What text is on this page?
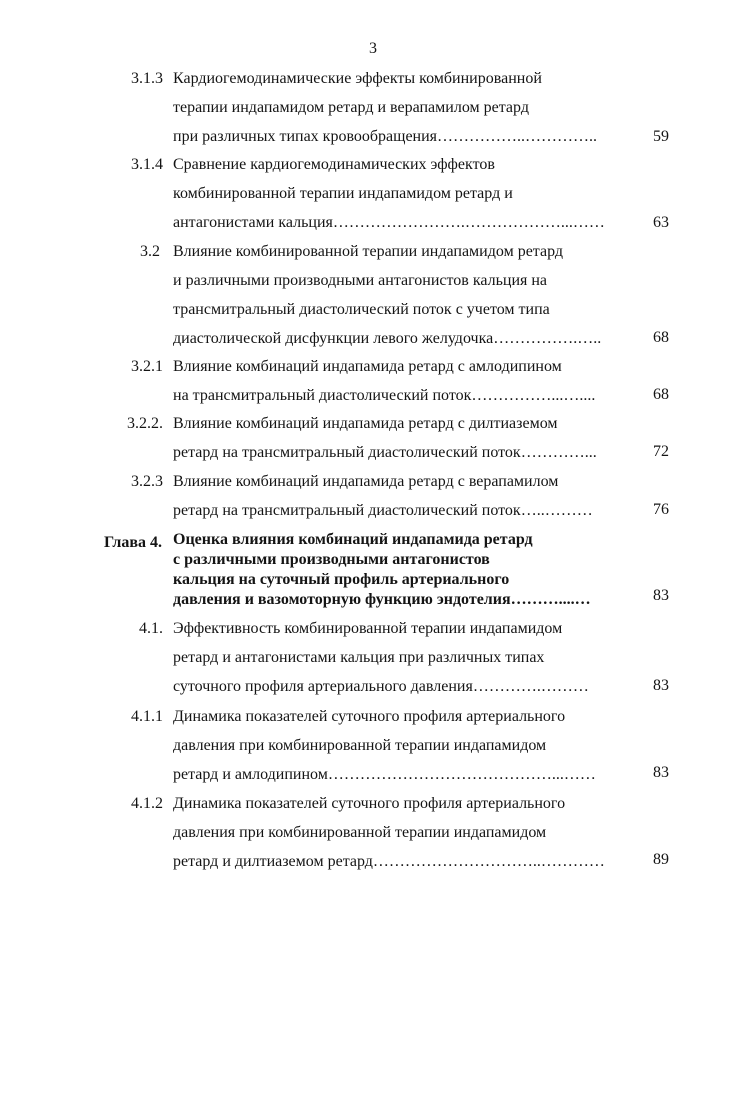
3
3.1.3 Кардиогемодинамические эффекты комбинированной
терапии индапамидом ретард и верапамилом ретард
при различных типах кровообращения……………..…………..	59
3.1.4 Сравнение кардиогемодинамических эффектов
комбинированной терапии индапамидом ретард и
антагонистами кальция…………………….………………...……	63
3.2 Влияние комбинированной терапии индапамидом ретард
и различными производными антагонистов кальция на
трансмитральный диастолический поток с учетом типа
диастолической дисфункции левого желудочка…………….…..	68
3.2.1 Влияние комбинаций индапамида ретард с амлодипином
на трансмитральный диастолический поток……………...…....	68
3.2.2. Влияние комбинаций индапамида ретард с дилтиаземом
ретард на трансмитральный диастолический поток…………...	72
3.2.3 Влияние комбинаций индапамида ретард с верапамилом
ретард на трансмитральный диастолический поток…..………	76
Глава 4. Оценка влияния комбинаций индапамида ретард
с различными производными антагонистов
кальция на суточный профиль артериального
давления и вазомоторную функцию эндотелия………....…	83
4.1. Эффективность комбинированной терапии индапамидом
ретард и антагонистами кальция при различных типах
суточного профиля артериального давления………….………	83
4.1.1 Динамика показателей суточного профиля артериального
давления при комбинированной терапии индапамидом
ретард и амлодипином……………………………………...……	83
4.1.2 Динамика показателей суточного профиля артериального
давления при комбинированной терапии индапамидом
ретард и дилтиаземом ретард…………………………..…………	89
